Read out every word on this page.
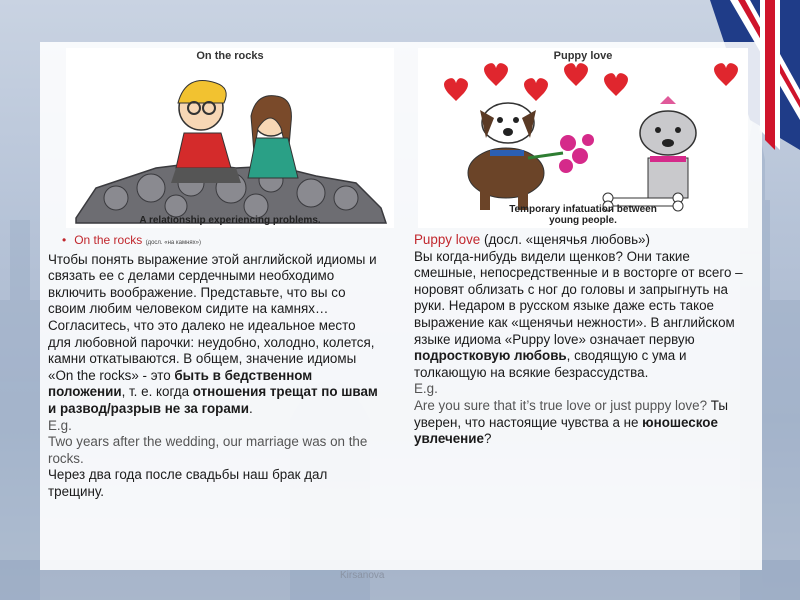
On the rocks
A relationship experiencing problems.
Puppy love
Temporary infatuation between
young people.

• On the rocks (досл. «на камнях»)

Чтобы понять выражение этой английской идиомы и связать ее с делами сердечными необходимо включить воображение. Представьте, что вы со своим любим человеком сидите на камнях…Согласитесь, что это далеко не идеальное место для любовной парочки: неудобно, холодно, колется, камни откатываются. В общем, значение идиомы «On the rocks» - это быть в бедственном положении, т. е. когда отношения трещат по швам и развод/разрыв не за горами.

E.g.

Two years after the wedding, our marriage was on the rocks.

Через два года после свадьбы наш брак дал трещину.

Puppy love (досл. «щенячья любовь»)

Вы когда-нибудь видели щенков? Они такие смешные, непосредственные и в восторге от всего – норовят облизать с ног до головы и запрыгнуть на руки. Недаром в русском языке даже есть такое выражение как «щенячьи нежности». В английском языке идиома «Puppy love» означает первую подростковую любовь, сводящую с ума и толкающую на всякие безрассудства.

E.g.

Are you sure that it’s true love or just puppy love? Ты уверен, что настоящие чувства а не юношеское увлечение?

Kirsanova
